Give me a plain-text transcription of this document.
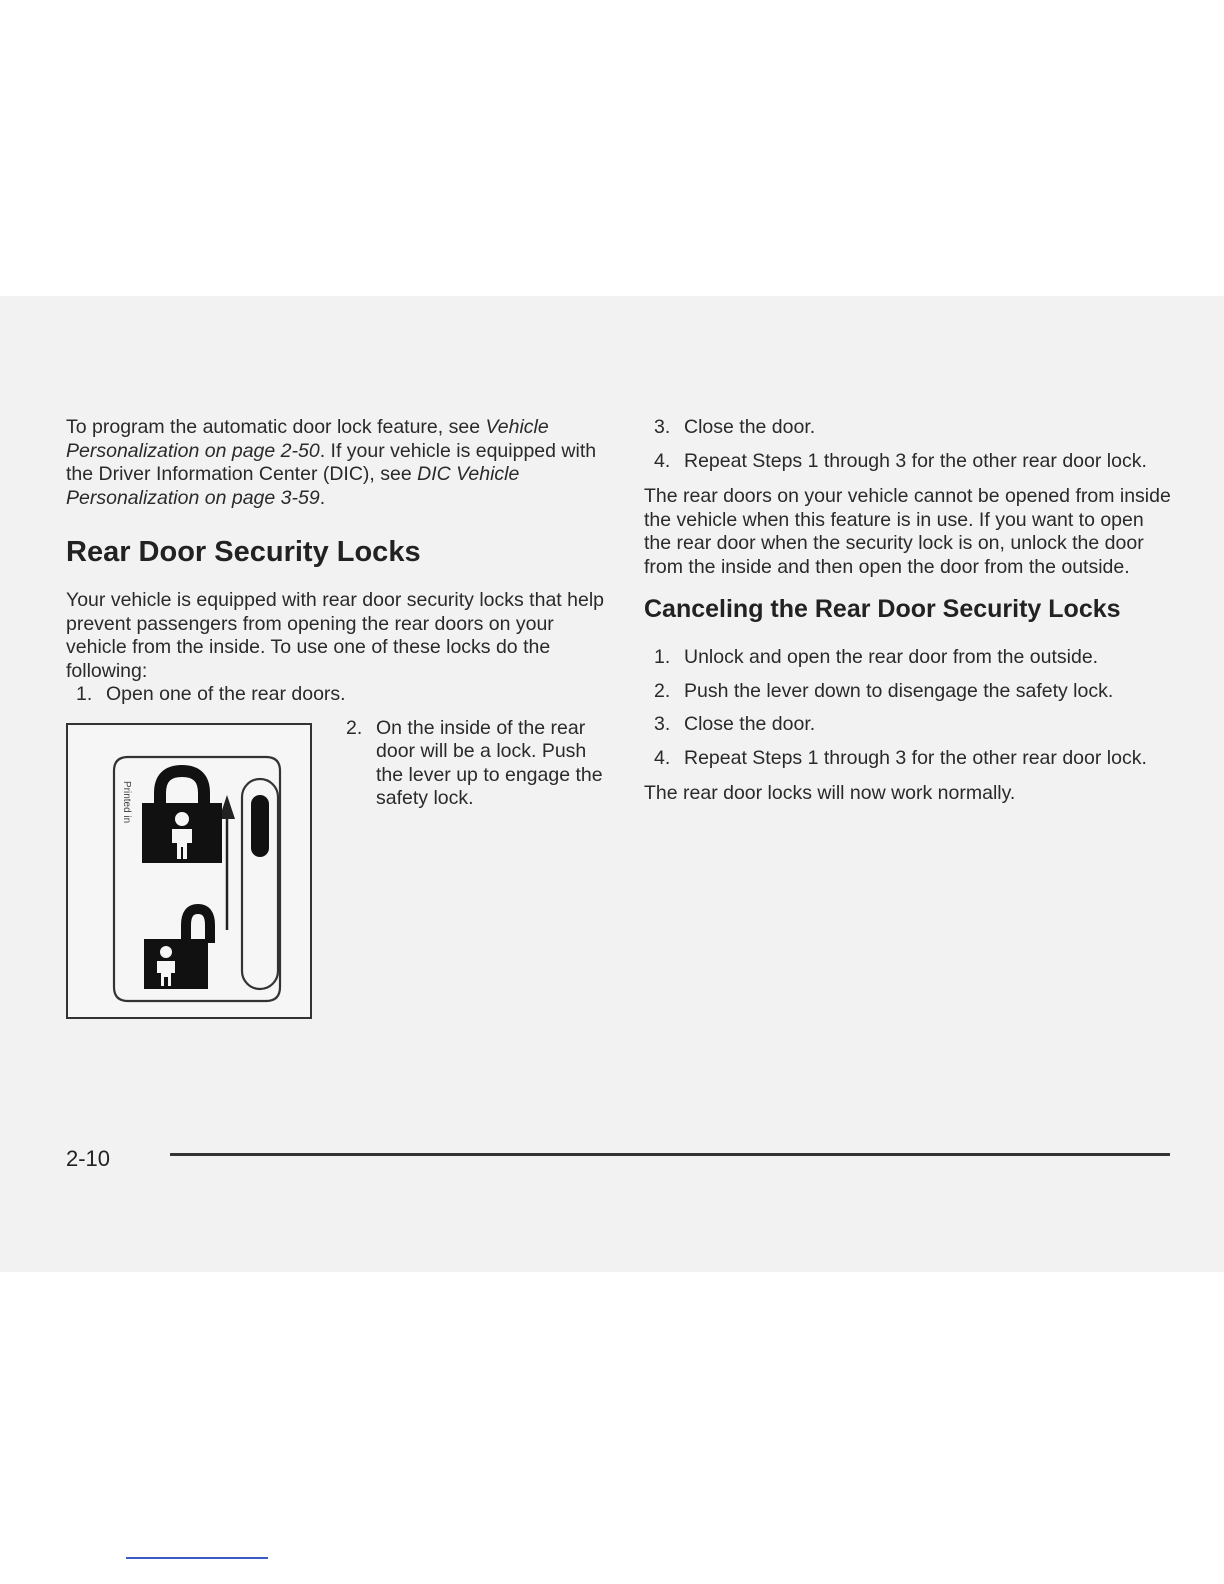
To program the automatic door lock feature, see Vehicle Personalization on page 2-50. If your vehicle is equipped with the Driver Information Center (DIC), see DIC Vehicle Personalization on page 3-59.

Rear Door Security Locks

Your vehicle is equipped with rear door security locks that help prevent passengers from opening the rear doors on your vehicle from the inside. To use one of these locks do the following:

1. Open one of the rear doors.
Printed in
2. On the inside of the rear door will be a lock. Push the lever up to engage the safety lock.
3. Close the door.
4. Repeat Steps 1 through 3 for the other rear door lock.

The rear doors on your vehicle cannot be opened from inside the vehicle when this feature is in use. If you want to open the rear door when the security lock is on, unlock the door from the inside and then open the door from the outside.

Canceling the Rear Door Security Locks
1. Unlock and open the rear door from the outside.
2. Push the lever down to disengage the safety lock.
3. Close the door.
4. Repeat Steps 1 through 3 for the other rear door lock.

The rear door locks will now work normally.

2-10
